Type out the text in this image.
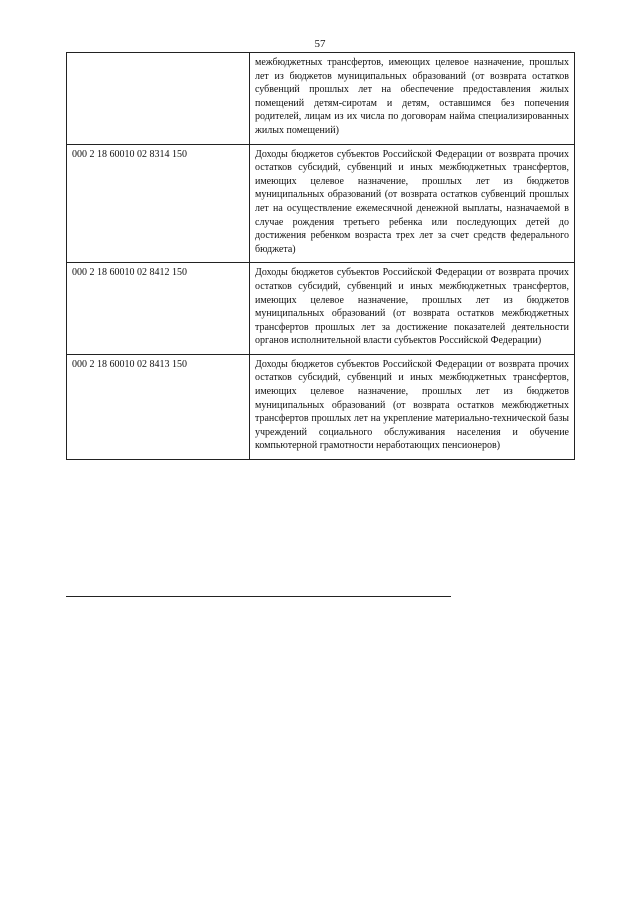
57
	межбюджетных трансфертов, имеющих целевое назначение, прошлых лет из бюджетов муниципальных образований (от возврата остатков субвенций прошлых лет на обеспечение предоставления жилых помещений детям-сиротам и детям, оставшимся без попечения родителей, лицам из их числа по договорам найма специализированных жилых помещений)
000 2 18 60010 02 8314 150	Доходы бюджетов субъектов Российской Федерации от возврата прочих остатков субсидий, субвенций и иных межбюджетных трансфертов, имеющих целевое назначение, прошлых лет из бюджетов муниципальных образований (от возврата остатков субвенций прошлых лет на осуществление ежемесячной денежной выплаты, назначаемой в случае рождения третьего ребенка или последующих детей до достижения ребенком возраста трех лет за счет средств федерального бюджета)
000 2 18 60010 02 8412 150	Доходы бюджетов субъектов Российской Федерации от возврата прочих остатков субсидий, субвенций и иных межбюджетных трансфертов, имеющих целевое назначение, прошлых лет из бюджетов муниципальных образований (от возврата остатков межбюджетных трансфертов прошлых лет за достижение показателей деятельности органов исполнительной власти субъектов Российской Федерации)
000 2 18 60010 02 8413 150	Доходы бюджетов субъектов Российской Федерации от возврата прочих остатков субсидий, субвенций и иных межбюджетных трансфертов, имеющих целевое назначение, прошлых лет из бюджетов муниципальных образований (от возврата остатков межбюджетных трансфертов прошлых лет на укрепление материально-технической базы учреждений социального обслуживания населения и обучение компьютерной грамотности неработающих пенсионеров)
